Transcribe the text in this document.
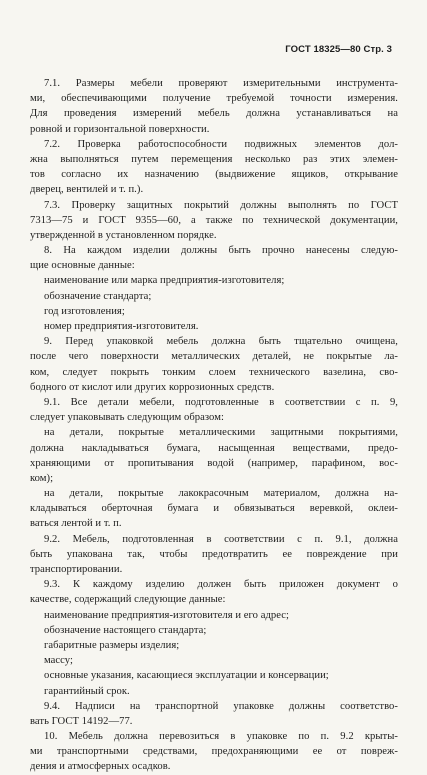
ГОСТ 18325—80 Стр. 3
7.1. Размеры мебели проверяют измерительными инструмента-
ми, обеспечивающими получение требуемой точности измерения.
Для проведения измерений мебель должна устанавливаться на
ровной и горизонтальной поверхности.
7.2. Проверка работоспособности подвижных элементов дол-
жна выполняться путем перемещения несколько раз этих элемен-
тов согласно их назначению (выдвижение ящиков, открывание
дверец, вентилей и т. п.).
7.3. Проверку защитных покрытий должны выполнять по ГОСТ
7313—75 и ГОСТ 9355—60, а также по технической документации,
утвержденной в установленном порядке.
8. На каждом изделии должны быть прочно нанесены следую-
щие основные данные:
наименование или марка предприятия-изготовителя;
обозначение стандарта;
год изготовления;
номер предприятия-изготовителя.
9. Перед упаковкой мебель должна быть тщательно очищена,
после чего поверхности металлических деталей, не покрытые ла-
ком, следует покрыть тонким слоем технического вазелина, сво-
бодного от кислот или других коррозионных средств.
9.1. Все детали мебели, подготовленные в соответствии с п. 9,
следует упаковывать следующим образом:
на детали, покрытые металлическими защитными покрытиями,
должна накладываться бумага, насыщенная веществами, предо-
храняющими от пропитывания водой (например, парафином, вос-
ком);
на детали, покрытые лакокрасочным материалом, должна на-
кладываться оберточная бумага и обвязываться веревкой, оклеи-
ваться лентой и т. п.
9.2. Мебель, подготовленная в соответствии с п. 9.1, должна
быть упакована так, чтобы предотвратить ее повреждение при
транспортировании.
9.3. К каждому изделию должен быть приложен документ о
качестве, содержащий следующие данные:
наименование предприятия-изготовителя и его адрес;
обозначение настоящего стандарта;
габаритные размеры изделия;
массу;
основные указания, касающиеся эксплуатации и консервации;
гарантийный срок.
9.4. Надписи на транспортной упаковке должны соответство-
вать ГОСТ 14192—77.
10. Мебель должна перевозиться в упаковке по п. 9.2 крыты-
ми транспортными средствами, предохраняющими ее от повреж-
дения и атмосферных осадков.
